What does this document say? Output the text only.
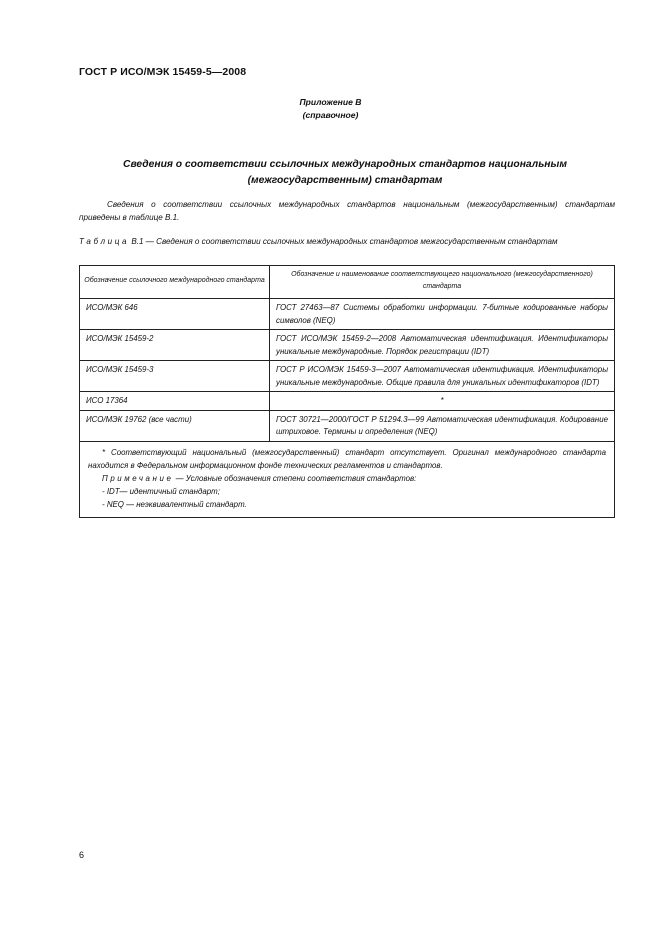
ГОСТ Р ИСО/МЭК 15459-5—2008
Приложение В
(справочное)
Сведения о соответствии ссылочных международных стандартов национальным
(межгосударственным) стандартам
Сведения о соответствии ссылочных международных стандартов национальным (межгосударственным) стандартам приведены в таблице В.1.
Таблица В.1 — Сведения о соответствии ссылочных международных стандартов межгосударственным стандартам
Обозначение ссылочного международного стандарта	Обозначение и наименование соответствующего национального (межгосударственного) стандарта
ИСО/МЭК 646	ГОСТ 27463—87 Системы обработки информации. 7-битные кодированные наборы символов (NEQ)
ИСО/МЭК 15459-2	ГОСТ ИСО/МЭК 15459-2—2008 Автоматическая идентификация. Идентификаторы уникальные международные. Порядок регистрации (IDT)
ИСО/МЭК 15459-3	ГОСТ Р ИСО/МЭК 15459-3—2007 Автоматическая идентификация. Идентификаторы уникальные международные. Общие правила для уникальных идентификаторов (IDT)
ИСО 17364	*
ИСО/МЭК 19762 (все части)	ГОСТ 30721—2000/ГОСТ Р 51294.3—99 Автоматическая идентификация. Кодирование штриховое. Термины и определения (NEQ)

* Соответствующий национальный (межгосударственный) стандарт отсутствует. Оригинал международного стандарта находится в Федеральном информационном фонде технических регламентов и стандартов.
Примечание — Условные обозначения степени соответствия стандартов:
- IDT— идентичный стандарт;
- NEQ — неэквивалентный стандарт.	
6
